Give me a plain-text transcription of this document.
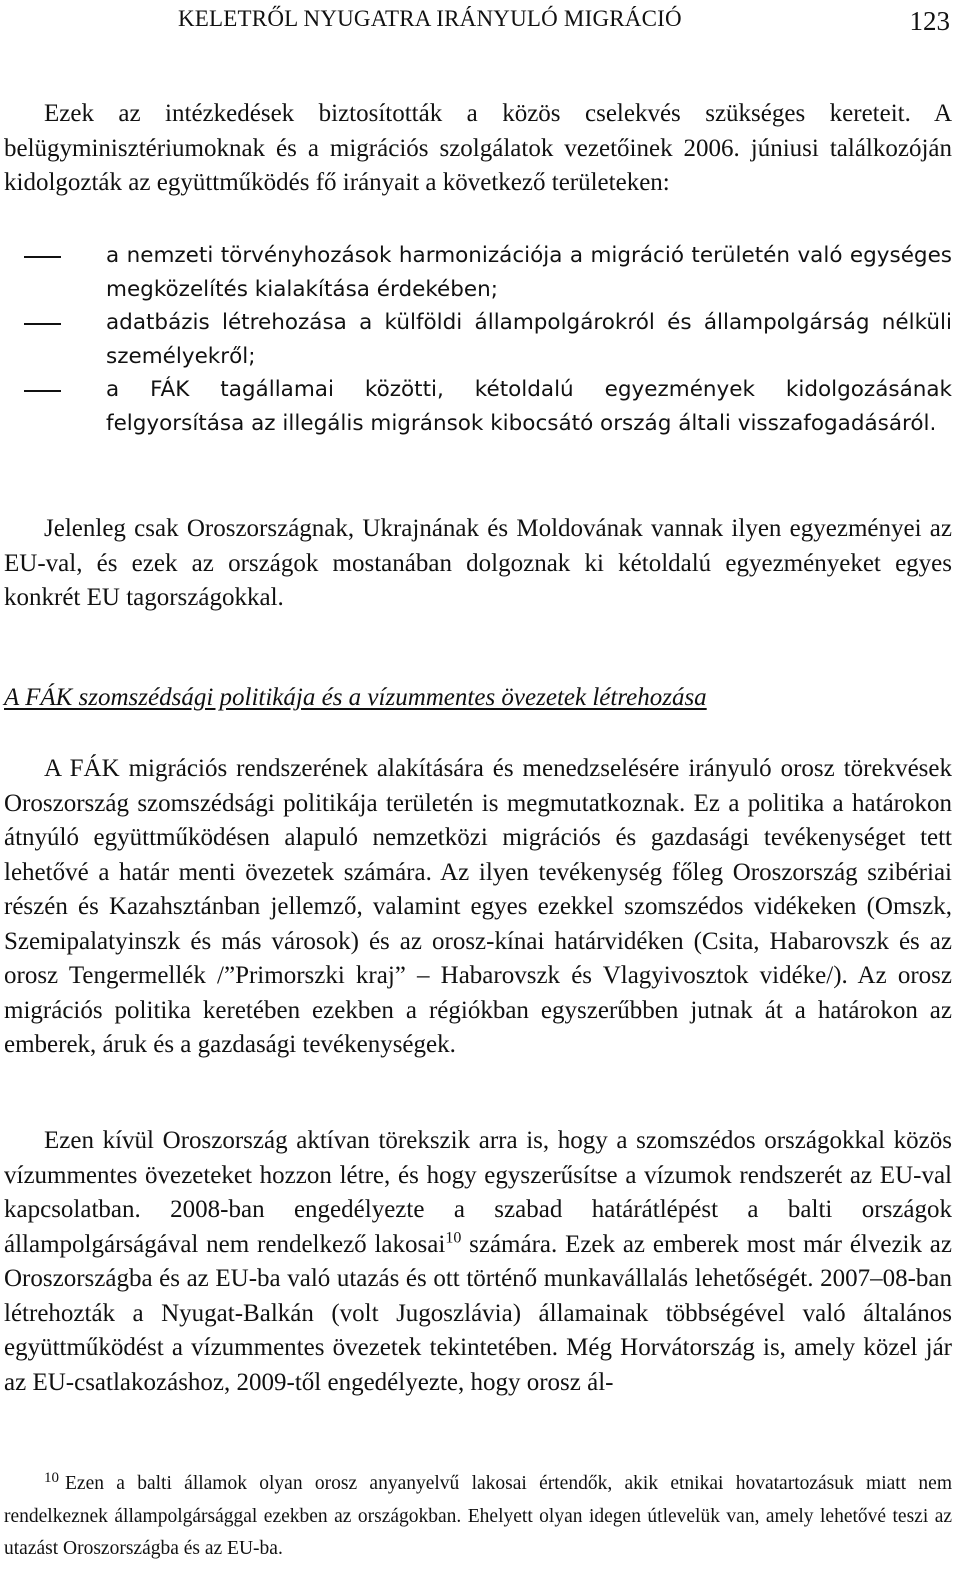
KELETRŐL NYUGATRA IRÁNYULÓ MIGRÁCIÓ	123

Ezek az intézkedések biztosították a közös cselekvés szükséges kereteit. A belügyminisztériumoknak és a migrációs szolgálatok vezetőinek 2006. júniusi találkozóján kidolgozták az együttműködés fő irányait a következő területeken:

a nemzeti törvényhozások harmonizációja a migráció területén való egységes megközelítés kialakítása érdekében;
adatbázis létrehozása a külföldi állampolgárokról és állampolgárság nélküli személyekről;
a FÁK tagállamai közötti, kétoldalú egyezmények kidolgozásának felgyorsítása az illegális migránsok kibocsátó ország általi visszafogadásáról.

Jelenleg csak Oroszországnak, Ukrajnának és Moldovának vannak ilyen egyezményei az EU-val, és ezek az országok mostanában dolgoznak ki kétoldalú egyezményeket egyes konkrét EU tagországokkal.

A FÁK szomszédsági politikája és a vízummentes övezetek létrehozása

A FÁK migrációs rendszerének alakítására és menedzselésére irányuló orosz törekvések Oroszország szomszédsági politikája területén is megmutatkoznak. Ez a politika a határokon átnyúló együttműködésen alapuló nemzetközi migrációs és gazdasági tevékenységet tett lehetővé a határ menti övezetek számára. Az ilyen tevékenység főleg Oroszország szibériai részén és Kazahsztánban jellemző, valamint egyes ezekkel szomszédos vidékeken (Omszk, Szemipalatyinszk és más városok) és az orosz-kínai határvidéken (Csita, Habarovszk és az orosz Tengermellék /”Primorszki kraj” – Habarovszk és Vlagyivosztok vidéke/). Az orosz migrációs politika keretében ezekben a régiókban egyszerűbben jutnak át a határokon az emberek, áruk és a gazdasági tevékenységek.

Ezen kívül Oroszország aktívan törekszik arra is, hogy a szomszédos országokkal közös vízummentes övezeteket hozzon létre, és hogy egyszerűsítse a vízumok rendszerét az EU-val kapcsolatban. 2008-ban engedélyezte a szabad határátlépést a balti országok állampolgárságával nem rendelkező lakosai$^{10}$ számára. Ezek az emberek most már élvezik az Oroszországba és az EU-ba való utazás és ott történő munkavállalás lehetőségét. 2007–08-ban létrehozták a Nyugat-Balkán (volt Jugoszlávia) államainak többségével való általános együttműködést a vízummentes övezetek tekintetében. Még Horvátország is, amely közel jár az EU-csatlakozáshoz, 2009-től engedélyezte, hogy orosz ál-

$^{10}$ Ezen a balti államok olyan orosz anyanyelvű lakosai értendők, akik etnikai hovatartozásuk miatt nem rendelkeznek állampolgársággal ezekben az országokban. Ehelyett olyan idegen útlevelük van, amely lehetővé teszi az utazást Oroszországba és az EU-ba.
